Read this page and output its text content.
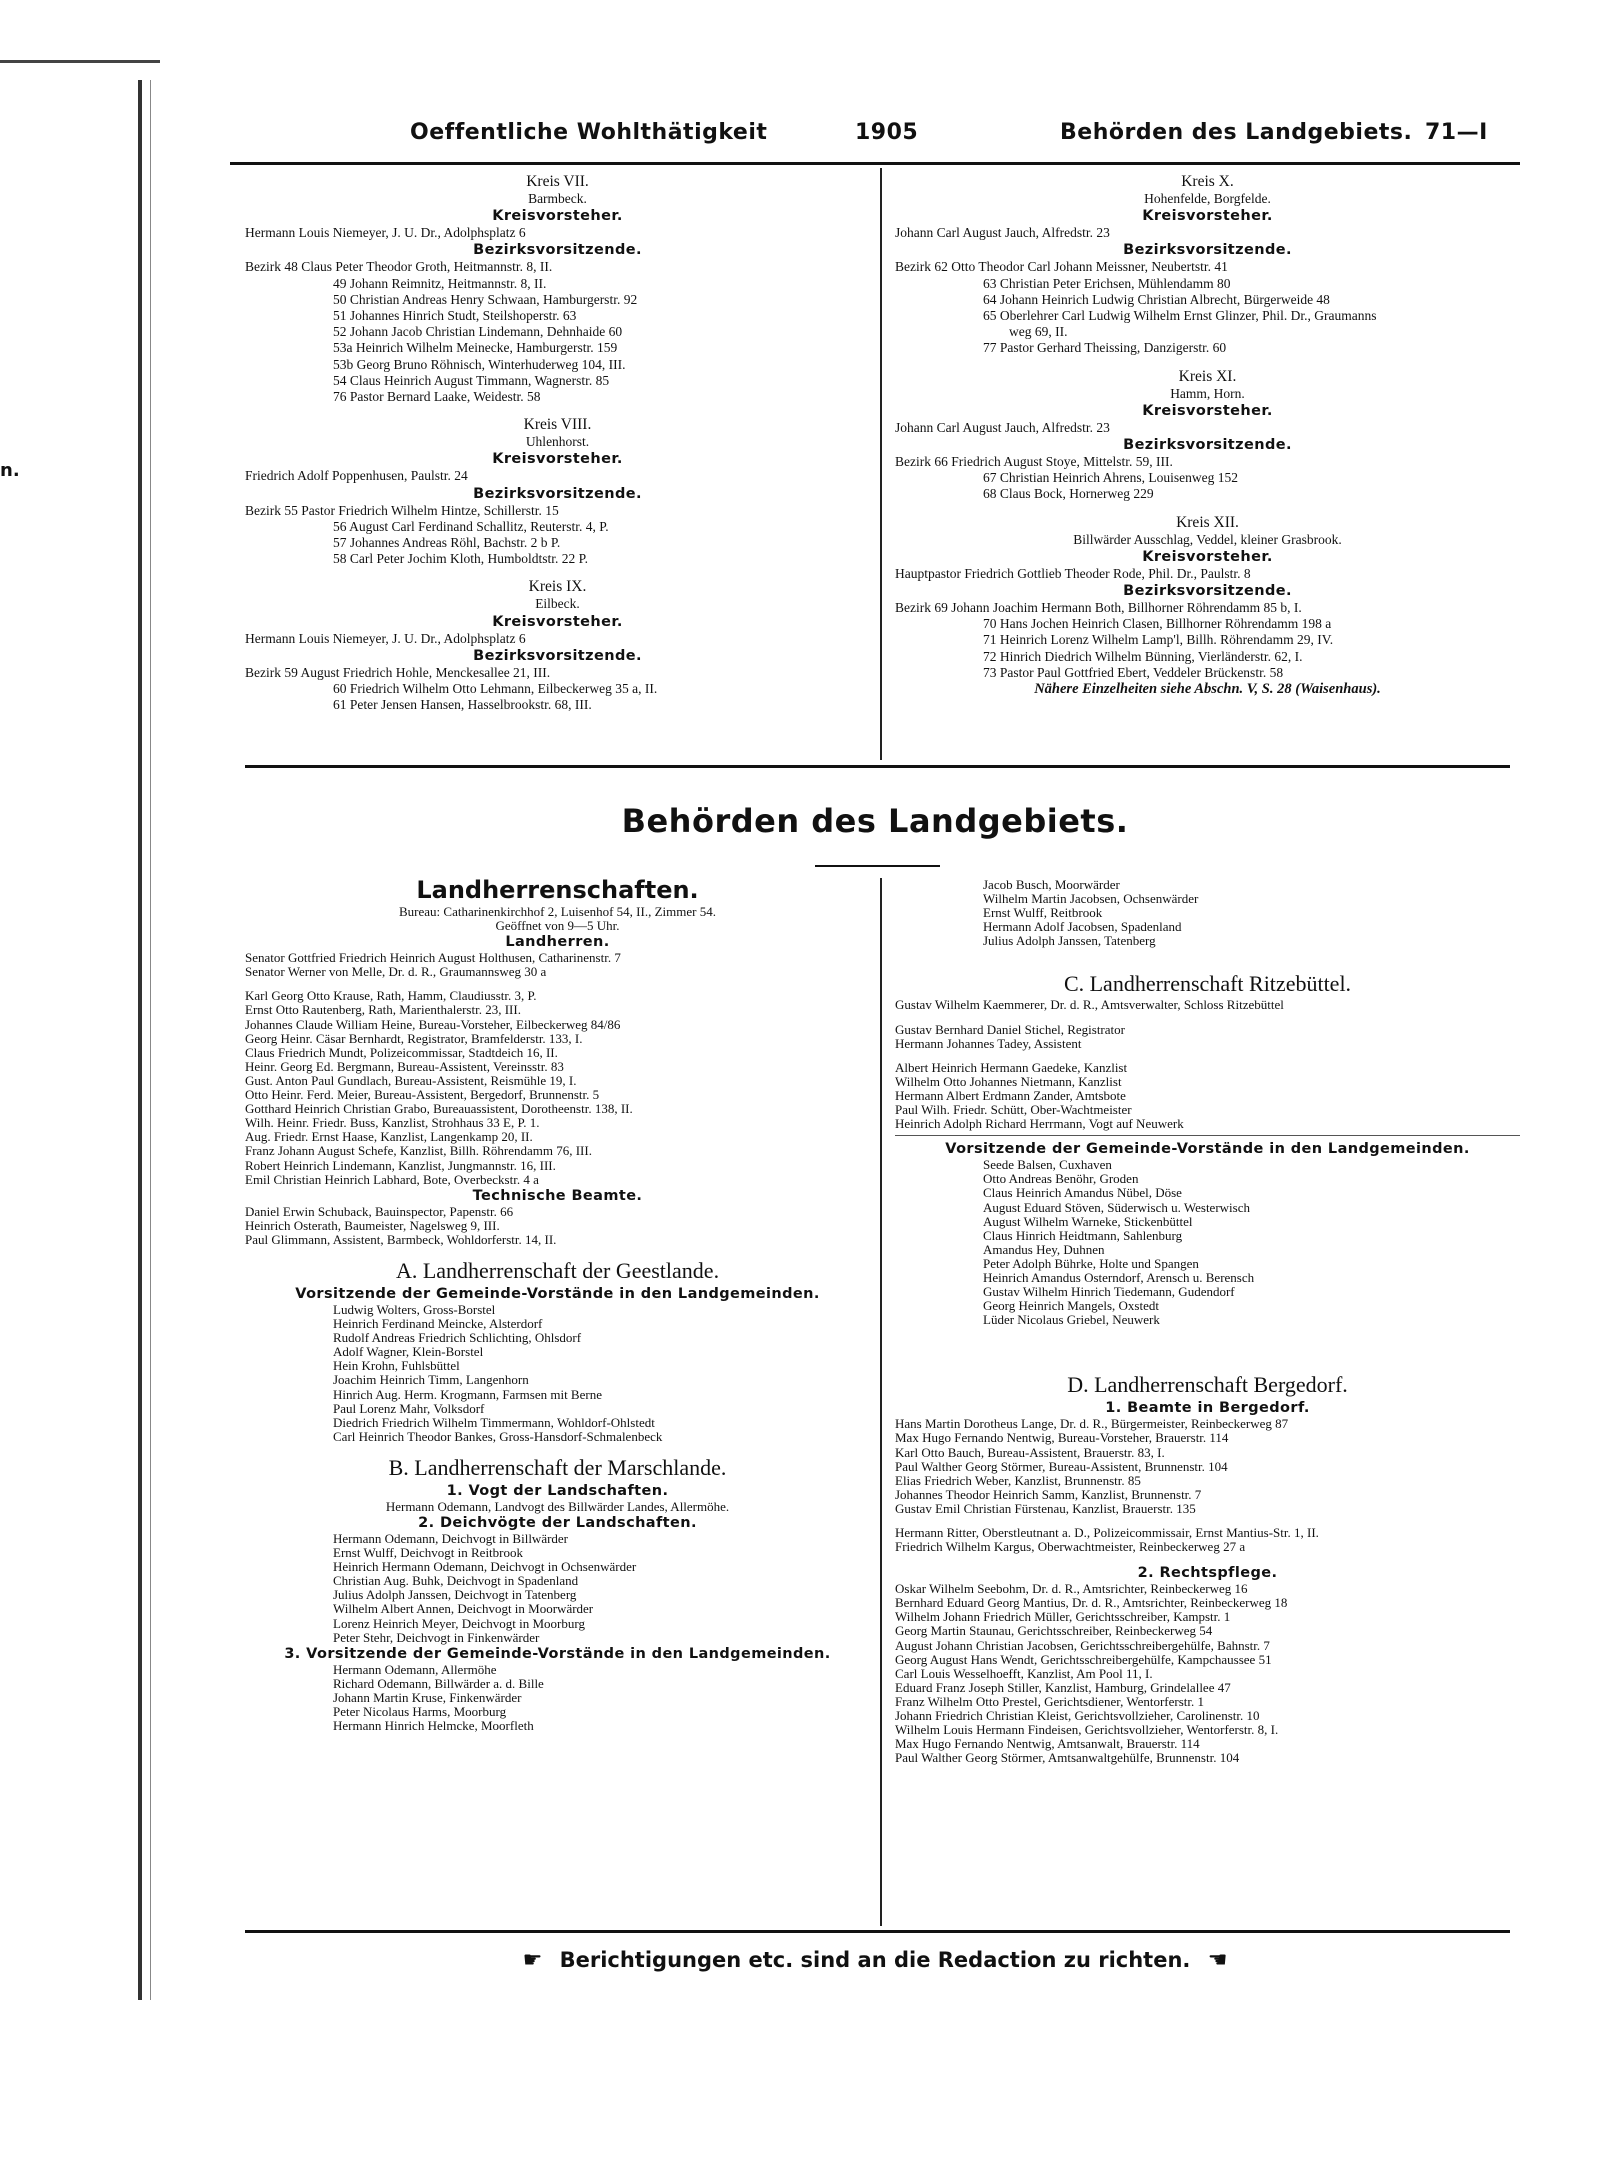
n.
Oeffentliche Wohlthätigkeit	1905	Behörden des Landgebiets. 71—I
Kreis VII.
Barmbeck.
Kreisvorsteher.
Hermann Louis Niemeyer, J. U. Dr., Adolphsplatz 6
Bezirksvorsitzende.
Bezirk 48 Claus Peter Theodor Groth, Heitmannstr. 8, II.
49 Johann Reimnitz, Heitmannstr. 8, II.
50 Christian Andreas Henry Schwaan, Hamburgerstr. 92
51 Johannes Hinrich Studt, Steilshoperstr. 63
52 Johann Jacob Christian Lindemann, Dehnhaide 60
53a Heinrich Wilhelm Meinecke, Hamburgerstr. 159
53b Georg Bruno Röhnisch, Winterhuderweg 104, III.
54 Claus Heinrich August Timmann, Wagnerstr. 85
76 Pastor Bernard Laake, Weidestr. 58
Kreis VIII.
Uhlenhorst.
Kreisvorsteher.
Friedrich Adolf Poppenhusen, Paulstr. 24
Bezirksvorsitzende.
Bezirk 55 Pastor Friedrich Wilhelm Hintze, Schillerstr. 15
56 August Carl Ferdinand Schallitz, Reuterstr. 4, P.
57 Johannes Andreas Röhl, Bachstr. 2 b P.
58 Carl Peter Jochim Kloth, Humboldtstr. 22 P.
Kreis IX.
Eilbeck.
Kreisvorsteher.
Hermann Louis Niemeyer, J. U. Dr., Adolphsplatz 6
Bezirksvorsitzende.
Bezirk 59 August Friedrich Hohle, Menckesallee 21, III.
60 Friedrich Wilhelm Otto Lehmann, Eilbeckerweg 35 a, II.
61 Peter Jensen Hansen, Hasselbrookstr. 68, III.
Kreis X.
Hohenfelde, Borgfelde.
Kreisvorsteher.
Johann Carl August Jauch, Alfredstr. 23
Bezirksvorsitzende.
Bezirk 62 Otto Theodor Carl Johann Meissner, Neubertstr. 41
63 Christian Peter Erichsen, Mühlendamm 80
64 Johann Heinrich Ludwig Christian Albrecht, Bürgerweide 48
65 Oberlehrer Carl Ludwig Wilhelm Ernst Glinzer, Phil. Dr., Graumanns
weg 69, II.
77 Pastor Gerhard Theissing, Danzigerstr. 60
Kreis XI.
Hamm, Horn.
Kreisvorsteher.
Johann Carl August Jauch, Alfredstr. 23
Bezirksvorsitzende.
Bezirk 66 Friedrich August Stoye, Mittelstr. 59, III.
67 Christian Heinrich Ahrens, Louisenweg 152
68 Claus Bock, Hornerweg 229
Kreis XII.
Billwärder Ausschlag, Veddel, kleiner Grasbrook.
Kreisvorsteher.
Hauptpastor Friedrich Gottlieb Theoder Rode, Phil. Dr., Paulstr. 8
Bezirksvorsitzende.
Bezirk 69 Johann Joachim Hermann Both, Billhorner Röhrendamm 85 b, I.
70 Hans Jochen Heinrich Clasen, Billhorner Röhrendamm 198 a
71 Heinrich Lorenz Wilhelm Lamp'l, Billh. Röhrendamm 29, IV.
72 Hinrich Diedrich Wilhelm Bünning, Vierländerstr. 62, I.
73 Pastor Paul Gottfried Ebert, Veddeler Brückenstr. 58
Nähere Einzelheiten siehe Abschn. V, S. 28 (Waisenhaus).
Behörden des Landgebiets.
Landherrenschaften.
Bureau: Catharinenkirchhof 2, Luisenhof 54, II., Zimmer 54.
Geöffnet von 9—5 Uhr.
Landherren.
Senator Gottfried Friedrich Heinrich August Holthusen, Catharinenstr. 7
Senator Werner von Melle, Dr. d. R., Graumannsweg 30 a
Karl Georg Otto Krause, Rath, Hamm, Claudiusstr. 3, P.
Ernst Otto Rautenberg, Rath, Marienthalerstr. 23, III.
Johannes Claude William Heine, Bureau-Vorsteher, Eilbeckerweg 84/86
Georg Heinr. Cäsar Bernhardt, Registrator, Bramfelderstr. 133, I.
Claus Friedrich Mundt, Polizeicommissar, Stadtdeich 16, II.
Heinr. Georg Ed. Bergmann, Bureau-Assistent, Vereinsstr. 83
Gust. Anton Paul Gundlach, Bureau-Assistent, Reismühle 19, I.
Otto Heinr. Ferd. Meier, Bureau-Assistent, Bergedorf, Brunnenstr. 5
Gotthard Heinrich Christian Grabo, Bureauassistent, Dorotheenstr. 138, II.
Wilh. Heinr. Friedr. Buss, Kanzlist, Strohhaus 33 E, P. 1.
Aug. Friedr. Ernst Haase, Kanzlist, Langenkamp 20, II.
Franz Johann August Schefe, Kanzlist, Billh. Röhrendamm 76, III.
Robert Heinrich Lindemann, Kanzlist, Jungmannstr. 16, III.
Emil Christian Heinrich Labhard, Bote, Overbeckstr. 4 a
Technische Beamte.
Daniel Erwin Schuback, Bauinspector, Papenstr. 66
Heinrich Osterath, Baumeister, Nagelsweg 9, III.
Paul Glimmann, Assistent, Barmbeck, Wohldorferstr. 14, II.
A. Landherrenschaft der Geestlande.
Vorsitzende der Gemeinde-Vorstände in den Landgemeinden.
Ludwig Wolters, Gross-Borstel
Heinrich Ferdinand Meincke, Alsterdorf
Rudolf Andreas Friedrich Schlichting, Ohlsdorf
Adolf Wagner, Klein-Borstel
Hein Krohn, Fuhlsbüttel
Joachim Heinrich Timm, Langenhorn
Hinrich Aug. Herm. Krogmann, Farmsen mit Berne
Paul Lorenz Mahr, Volksdorf
Diedrich Friedrich Wilhelm Timmermann, Wohldorf-Ohlstedt
Carl Heinrich Theodor Bankes, Gross-Hansdorf-Schmalenbeck
B. Landherrenschaft der Marschlande.
1. Vogt der Landschaften.
Hermann Odemann, Landvogt des Billwärder Landes, Allermöhe.
2. Deichvögte der Landschaften.
Hermann Odemann, Deichvogt in Billwärder
Ernst Wulff, Deichvogt in Reitbrook
Heinrich Hermann Odemann, Deichvogt in Ochsenwärder
Christian Aug. Buhk, Deichvogt in Spadenland
Julius Adolph Janssen, Deichvogt in Tatenberg
Wilhelm Albert Annen, Deichvogt in Moorwärder
Lorenz Heinrich Meyer, Deichvogt in Moorburg
Peter Stehr, Deichvogt in Finkenwärder
3. Vorsitzende der Gemeinde-Vorstände in den Landgemeinden.
Hermann Odemann, Allermöhe
Richard Odemann, Billwärder a. d. Bille
Johann Martin Kruse, Finkenwärder
Peter Nicolaus Harms, Moorburg
Hermann Hinrich Helmcke, Moorfleth
Jacob Busch, Moorwärder
Wilhelm Martin Jacobsen, Ochsenwärder
Ernst Wulff, Reitbrook
Hermann Adolf Jacobsen, Spadenland
Julius Adolph Janssen, Tatenberg
C. Landherrenschaft Ritzebüttel.
Gustav Wilhelm Kaemmerer, Dr. d. R., Amtsverwalter, Schloss Ritzebüttel
Gustav Bernhard Daniel Stichel, Registrator
Hermann Johannes Tadey, Assistent
Albert Heinrich Hermann Gaedeke, Kanzlist
Wilhelm Otto Johannes Nietmann, Kanzlist
Hermann Albert Erdmann Zander, Amtsbote
Paul Wilh. Friedr. Schütt, Ober-Wachtmeister
Heinrich Adolph Richard Herrmann, Vogt auf Neuwerk
Vorsitzende der Gemeinde-Vorstände in den Landgemeinden.
Seede Balsen, Cuxhaven
Otto Andreas Benöhr, Groden
Claus Heinrich Amandus Nübel, Döse
August Eduard Stöven, Süderwisch u. Westerwisch
August Wilhelm Warneke, Stickenbüttel
Claus Hinrich Heidtmann, Sahlenburg
Amandus Hey, Duhnen
Peter Adolph Bührke, Holte und Spangen
Heinrich Amandus Osterndorf, Arensch u. Berensch
Gustav Wilhelm Hinrich Tiedemann, Gudendorf
Georg Heinrich Mangels, Oxstedt
Lüder Nicolaus Griebel, Neuwerk
D. Landherrenschaft Bergedorf.
1. Beamte in Bergedorf.
Hans Martin Dorotheus Lange, Dr. d. R., Bürgermeister, Reinbeckerweg 87
Max Hugo Fernando Nentwig, Bureau-Vorsteher, Brauerstr. 114
Karl Otto Bauch, Bureau-Assistent, Brauerstr. 83, I.
Paul Walther Georg Störmer, Bureau-Assistent, Brunnenstr. 104
Elias Friedrich Weber, Kanzlist, Brunnenstr. 85
Johannes Theodor Heinrich Samm, Kanzlist, Brunnenstr. 7
Gustav Emil Christian Fürstenau, Kanzlist, Brauerstr. 135
Hermann Ritter, Oberstleutnant a. D., Polizeicommissair, Ernst Mantius-Str. 1, II.
Friedrich Wilhelm Kargus, Oberwachtmeister, Reinbeckerweg 27 a
2. Rechtspflege.
Oskar Wilhelm Seebohm, Dr. d. R., Amtsrichter, Reinbeckerweg 16
Bernhard Eduard Georg Mantius, Dr. d. R., Amtsrichter, Reinbeckerweg 18
Wilhelm Johann Friedrich Müller, Gerichtsschreiber, Kampstr. 1
Georg Martin Staunau, Gerichtsschreiber, Reinbeckerweg 54
August Johann Christian Jacobsen, Gerichtsschreibergehülfe, Bahnstr. 7
Georg August Hans Wendt, Gerichtsschreibergehülfe, Kampchaussee 51
Carl Louis Wesselhoefft, Kanzlist, Am Pool 11, I.
Eduard Franz Joseph Stiller, Kanzlist, Hamburg, Grindelallee 47
Franz Wilhelm Otto Prestel, Gerichtsdiener, Wentorferstr. 1
Johann Friedrich Christian Kleist, Gerichtsvollzieher, Carolinenstr. 10
Wilhelm Louis Hermann Findeisen, Gerichtsvollzieher, Wentorferstr. 8, I.
Max Hugo Fernando Nentwig, Amtsanwalt, Brauerstr. 114
Paul Walther Georg Störmer, Amtsanwaltgehülfe, Brunnenstr. 104
☛ Berichtigungen etc. sind an die Redaction zu richten. ☚
